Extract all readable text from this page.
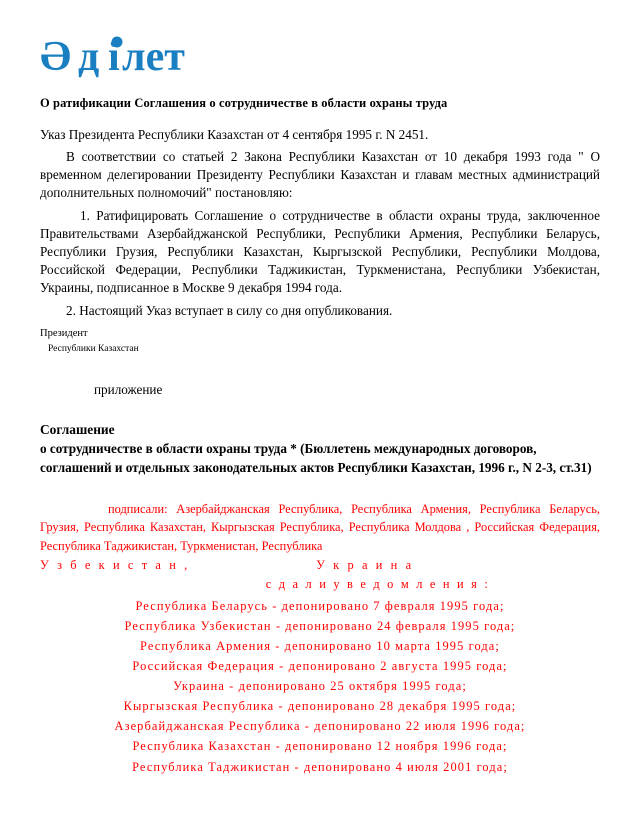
Ә д i лет
О ратификации Соглашения о сотрудничестве в области охраны труда

Указ Президента Республики Казахстан от 4 сентября 1995 г. N 2451.

В соответствии со статьей 2 Закона Республики Казахстан от 10 декабря 1993 года " О временном делегировании Президенту Республики Казахстан и главам местных администраций дополнительных полномочий" постановляю:

1. Ратифицировать Соглашение о сотрудничестве в области охраны труда, заключенное Правительствами Азербайджанской Республики, Республики Армения, Республики Беларусь, Республики Грузия, Республики Казахстан, Кыргызской Республики, Республики Молдова, Российской Федерации, Республики Таджикистан, Туркменистана, Республики Узбекистан, Украины, подписанное в Москве 9 декабря 1994 года.

2. Настоящий Указ вступает в силу со дня опубликования.

Президент
Республики Казахстан
приложение

Соглашение

о сотрудничестве в области охраны труда * (Бюллетень международных договоров, соглашений и отдельных законодательных актов Республики Казахстан, 1996 г., N 2-3, ст.31)

подписали: Азербайджанская Республика, Республика Армения, Республика Беларусь, Грузия, Республика Казахстан, Кыргызская Республика, Республика Молдова , Российская Федерация, Республика Таджикистан, Туркменистан, Республика

У з б е к и с т а н ,	У к р а и н а

с д а л и у в е д о м л е н и я :

Республика Беларусь - депонировано 7 февраля 1995 года;

Республика Узбекистан - депонировано 24 февраля 1995 года;

Республика Армения - депонировано 10 марта 1995 года;

Российская Федерация - депонировано 2 августа 1995 года;

Украина - депонировано 25 октября 1995 года;

Кыргызская Республика - депонировано 28 декабря 1995 года;

Азербайджанская Республика - депонировано 22 июля 1996 года;

Республика Казахстан - депонировано 12 ноября 1996 года;

Республика Таджикистан - депонировано 4 июля 2001 года;
